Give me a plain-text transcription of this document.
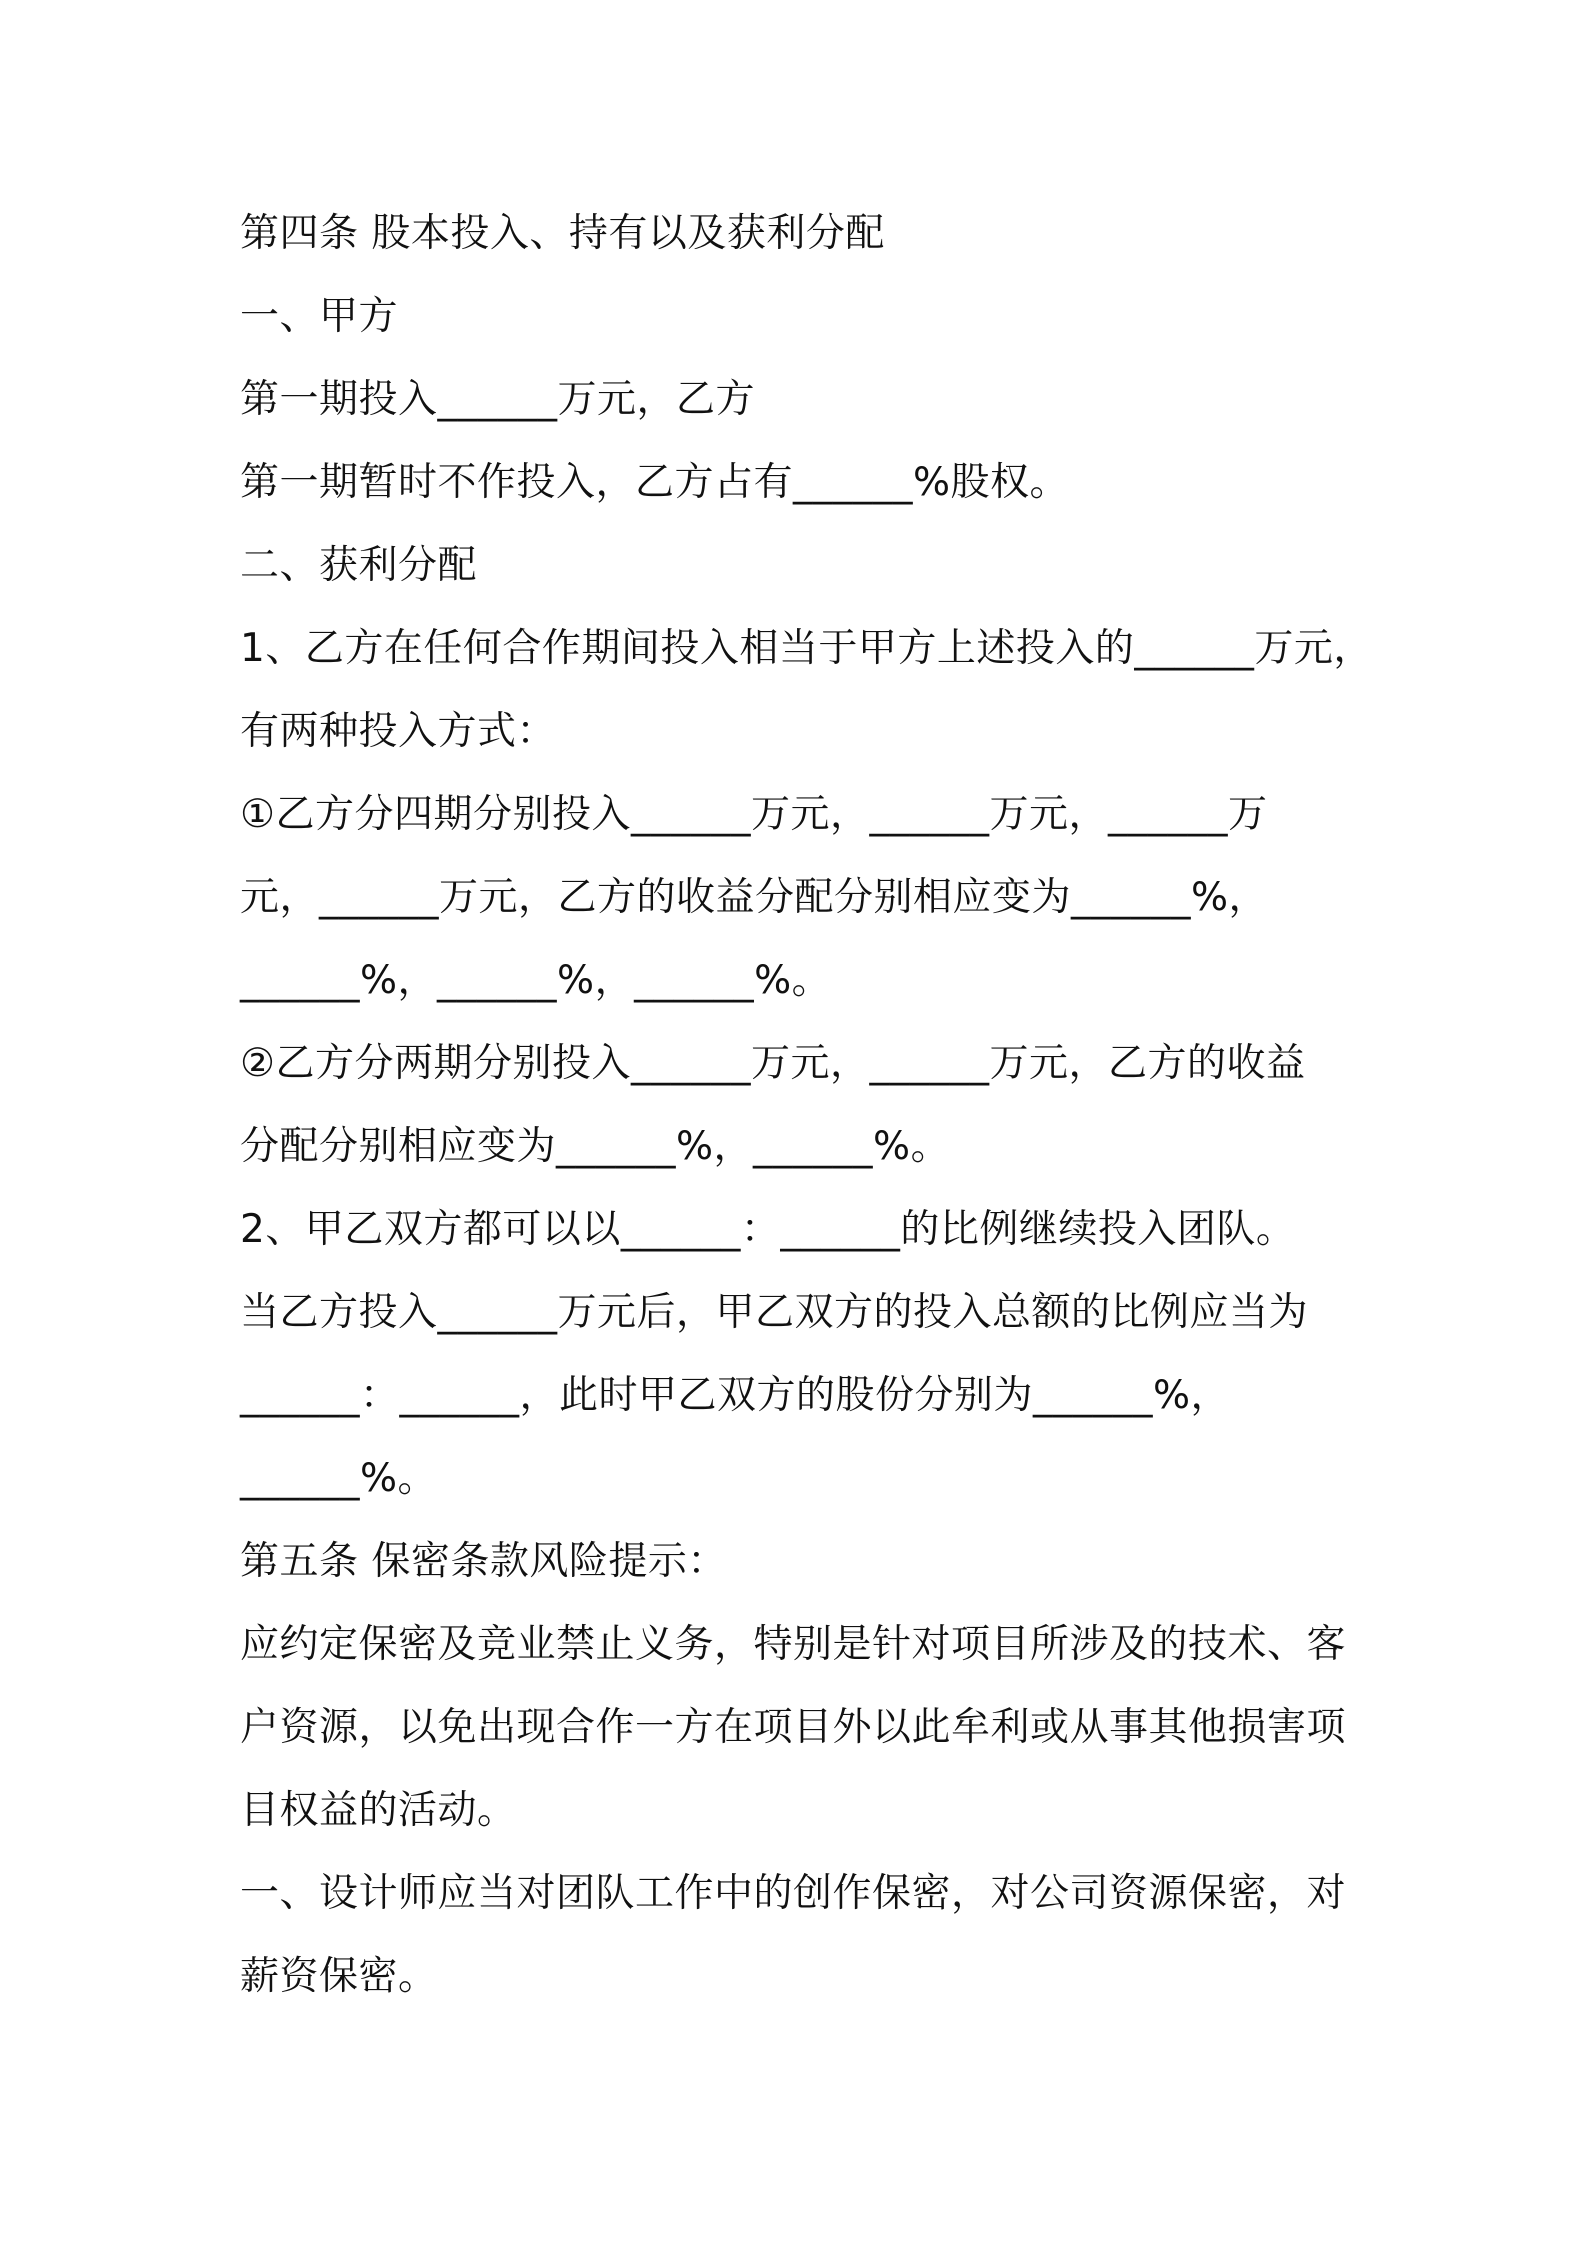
第四条 股本投入、持有以及获利分配

一、甲方

第一期投入______万元，乙方

第一期暂时不作投入，乙方占有______%股权。

二、获利分配

1、乙方在任何合作期间投入相当于甲方上述投入的______万元，

有两种投入方式：

①乙方分四期分别投入______万元，______万元，______万

元，______万元，乙方的收益分配分别相应变为______%，

______%，______%，______%。

②乙方分两期分别投入______万元，______万元，乙方的收益

分配分别相应变为______%，______%。

2、甲乙双方都可以以______：______的比例继续投入团队。

当乙方投入______万元后，甲乙双方的投入总额的比例应当为

______：______，此时甲乙双方的股份分别为______%，

______%。

第五条 保密条款风险提示：

应约定保密及竞业禁止义务，特别是针对项目所涉及的技术、客

户资源，以免出现合作一方在项目外以此牟利或从事其他损害项

目权益的活动。

一、设计师应当对团队工作中的创作保密，对公司资源保密，对

薪资保密。
